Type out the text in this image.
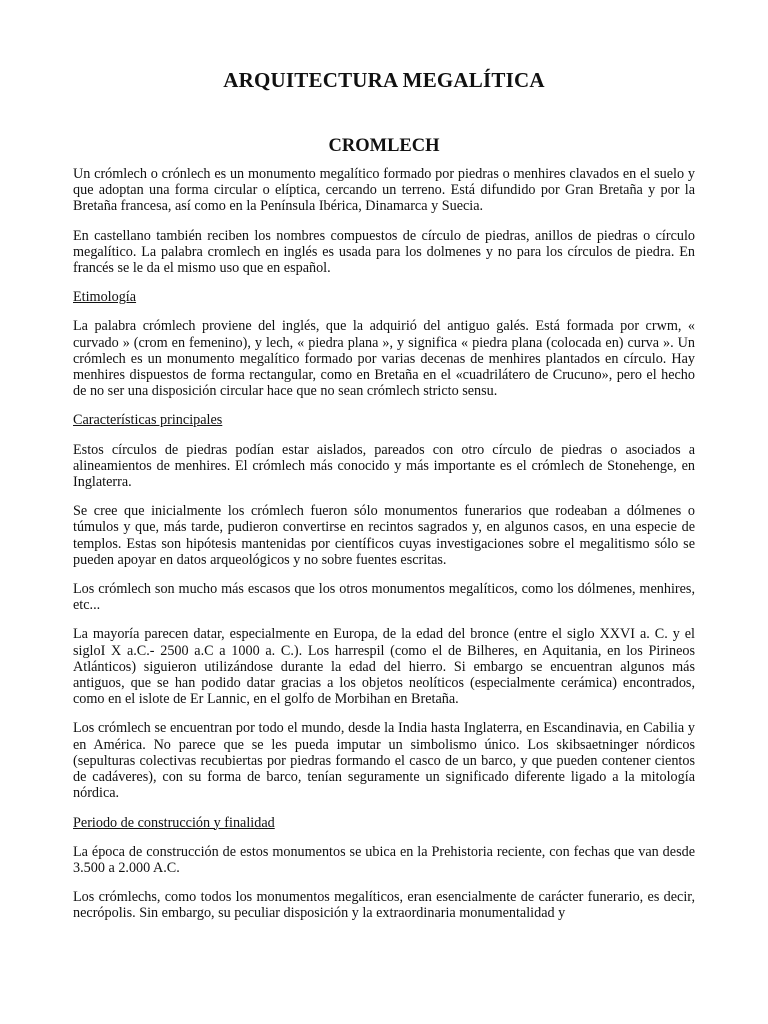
ARQUITECTURA MEGALÍTICA
CROMLECH

Un crómlech o crónlech es un monumento megalítico formado por piedras o menhires clavados en el suelo y que adoptan una forma circular o elíptica, cercando un terreno. Está difundido por Gran Bretaña y por la Bretaña francesa, así como en la Península Ibérica, Dinamarca y Suecia.

En castellano también reciben los nombres compuestos de círculo de piedras, anillos de piedras o círculo megalítico. La palabra cromlech en inglés es usada para los dolmenes y no para los círculos de piedra. En francés se le da el mismo uso que en español.

Etimología

La palabra crómlech proviene del inglés, que la adquirió del antiguo galés. Está formada por crwm, « curvado » (crom en femenino), y lech, « piedra plana », y significa « piedra plana (colocada en) curva ». Un crómlech es un monumento megalítico formado por varias decenas de menhires plantados en círculo. Hay menhires dispuestos de forma rectangular, como en Bretaña en el «cuadrilátero de Crucuno», pero el hecho de no ser una disposición circular hace que no sean crómlech stricto sensu.

Características principales

Estos círculos de piedras podían estar aislados, pareados con otro círculo de piedras o asociados a alineamientos de menhires. El crómlech más conocido y más importante es el crómlech de Stonehenge, en Inglaterra.

Se cree que inicialmente los crómlech fueron sólo monumentos funerarios que rodeaban a dólmenes o túmulos y que, más tarde, pudieron convertirse en recintos sagrados y, en algunos casos, en una especie de templos. Estas son hipótesis mantenidas por científicos cuyas investigaciones sobre el megalitismo sólo se pueden apoyar en datos arqueológicos y no sobre fuentes escritas.

Los crómlech son mucho más escasos que los otros monumentos megalíticos, como los dólmenes, menhires, etc...

La mayoría parecen datar, especialmente en Europa, de la edad del bronce (entre el siglo XXVI a. C. y el sigloI X a.C.- 2500 a.C a 1000 a. C.). Los harrespil (como el de Bilheres, en Aquitania, en los Pirineos Atlánticos) siguieron utilizándose durante la edad del hierro. Si embargo se encuentran algunos más antiguos, que se han podido datar gracias a los objetos neolíticos (especialmente cerámica) encontrados, como en el islote de Er Lannic, en el golfo de Morbihan en Bretaña.

Los crómlech se encuentran por todo el mundo, desde la India hasta Inglaterra, en Escandinavia, en Cabilia y en América. No parece que se les pueda imputar un simbolismo único. Los skibsaetninger nórdicos (sepulturas colectivas recubiertas por piedras formando el casco de un barco, y que pueden contener cientos de cadáveres), con su forma de barco, tenían seguramente un significado diferente ligado a la mitología nórdica.

Periodo de construcción y finalidad

La época de construcción de estos monumentos se ubica en la Prehistoria reciente, con fechas que van desde 3.500 a 2.000 A.C.

Los crómlechs, como todos los monumentos megalíticos, eran esencialmente de carácter funerario, es decir, necrópolis. Sin embargo, su peculiar disposición y la extraordinaria monumentalidad y
